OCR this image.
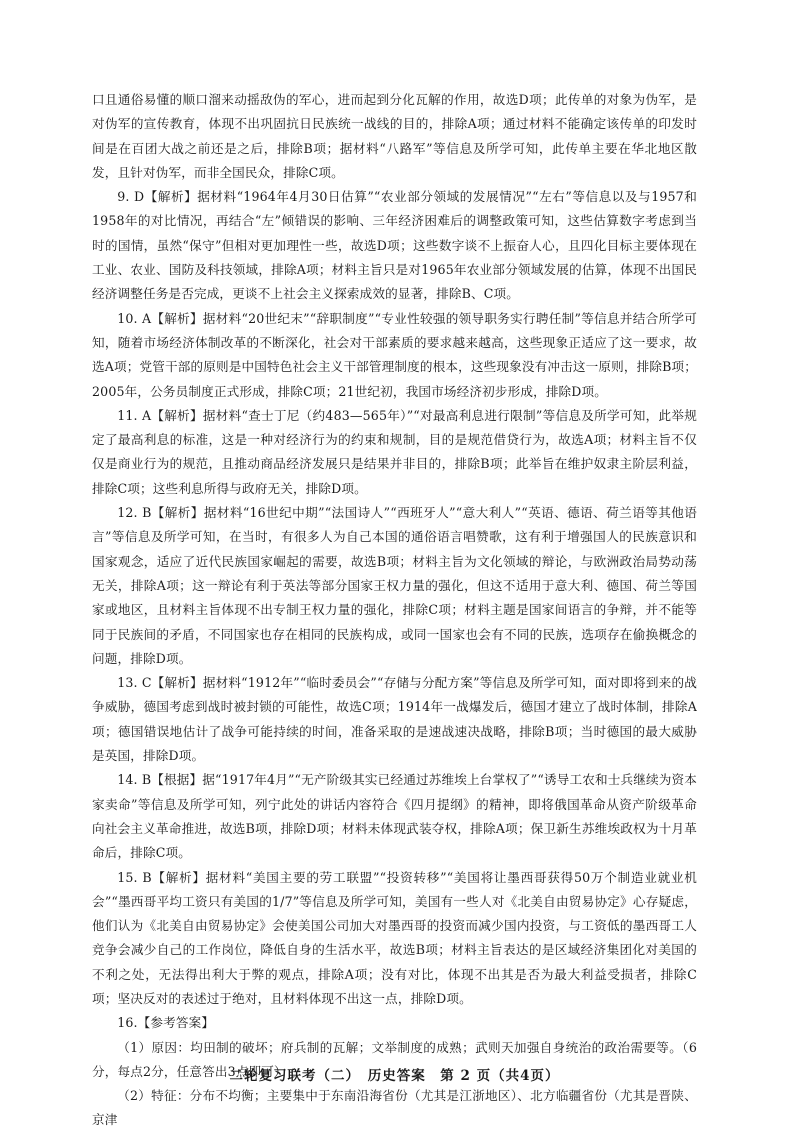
口且通俗易懂的顺口溜来动摇敌伪的军心，进而起到分化瓦解的作用，故选D项；此传单的对象为伪军，是对伪军的宣传教育，体现不出巩固抗日民族统一战线的目的，排除A项；通过材料不能确定该传单的印发时间是在百团大战之前还是之后，排除B项；据材料“八路军”等信息及所学可知，此传单主要在华北地区散发，且针对伪军，而非全国民众，排除C项。

9. D【解析】据材料“1964年4月30日估算”“农业部分领域的发展情况”“左右”等信息以及与1957和1958年的对比情况，再结合“左”倾错误的影响、三年经济困难后的调整政策可知，这些估算数字考虑到当时的国情，虽然“保守”但相对更加理性一些，故选D项；这些数字谈不上振奋人心，且四化目标主要体现在工业、农业、国防及科技领域，排除A项；材料主旨只是对1965年农业部分领域发展的估算，体现不出国民经济调整任务是否完成，更谈不上社会主义探索成效的显著，排除B、C项。

10. A【解析】据材料“20世纪末”“辞职制度”“专业性较强的领导职务实行聘任制”等信息并结合所学可知，随着市场经济体制改革的不断深化，社会对干部素质的要求越来越高，这些现象正适应了这一要求，故选A项；党管干部的原则是中国特色社会主义干部管理制度的根本，这些现象没有冲击这一原则，排除B项；2005年，公务员制度正式形成，排除C项；21世纪初，我国市场经济初步形成，排除D项。

11. A【解析】据材料“查士丁尼（约483—565年）”“对最高利息进行限制”等信息及所学可知，此举规定了最高利息的标准，这是一种对经济行为的约束和规制，目的是规范借贷行为，故选A项；材料主旨不仅仅是商业行为的规范，且推动商品经济发展只是结果并非目的，排除B项；此举旨在维护奴隶主阶层利益，排除C项；这些利息所得与政府无关，排除D项。

12. B【解析】据材料“16世纪中期”“法国诗人”“西班牙人”“意大利人”“英语、德语、荷兰语等其他语言”等信息及所学可知，在当时，有很多人为自己本国的通俗语言唱赞歌，这有利于增强国人的民族意识和国家观念，适应了近代民族国家崛起的需要，故选B项；材料主旨为文化领域的辩论，与欧洲政治局势动荡无关，排除A项；这一辩论有利于英法等部分国家王权力量的强化，但这不适用于意大利、德国、荷兰等国家或地区，且材料主旨体现不出专制王权力量的强化，排除C项；材料主题是国家间语言的争辩，并不能等同于民族间的矛盾，不同国家也存在相同的民族构成，或同一国家也会有不同的民族，选项存在偷换概念的问题，排除D项。

13. C【解析】据材料“1912年”“临时委员会”“存储与分配方案”等信息及所学可知，面对即将到来的战争威胁，德国考虑到战时被封锁的可能性，故选C项；1914年一战爆发后，德国才建立了战时体制，排除A项；德国错误地估计了战争可能持续的时间，准备采取的是速战速决战略，排除B项；当时德国的最大威胁是英国，排除D项。

14. B【根据】据“1917年4月”“无产阶级其实已经通过苏维埃上台掌权了”“诱导工农和士兵继续为资本家卖命”等信息及所学可知，列宁此处的讲话内容符合《四月提纲》的精神，即将俄国革命从资产阶级革命向社会主义革命推进，故选B项，排除D项；材料未体现武装夺权，排除A项；保卫新生苏维埃政权为十月革命后，排除C项。

15. B【解析】据材料“美国主要的劳工联盟”“投资转移”“美国将让墨西哥获得50万个制造业就业机会”“墨西哥平均工资只有美国的1/7”等信息及所学可知，美国有一些人对《北美自由贸易协定》心存疑虑，他们认为《北美自由贸易协定》会使美国公司加大对墨西哥的投资而减少国内投资，与工资低的墨西哥工人竞争会减少自己的工作岗位，降低自身的生活水平，故选B项；材料主旨表达的是区域经济集团化对美国的不利之处，无法得出利大于弊的观点，排除A项；没有对比，体现不出其是否为最大利益受损者，排除C项；坚决反对的表述过于绝对，且材料体现不出这一点，排除D项。

16.【参考答案】

（1）原因：均田制的破坏；府兵制的瓦解；文举制度的成熟；武则天加强自身统治的政治需要等。（6分，每点2分，任意答出3点即可）

（2）特征：分布不均衡；主要集中于东南沿海省份（尤其是江浙地区）、北方临疆省份（尤其是晋陕、京津

二轮复习联考（二）　历史答案　第 2 页（共4页）
